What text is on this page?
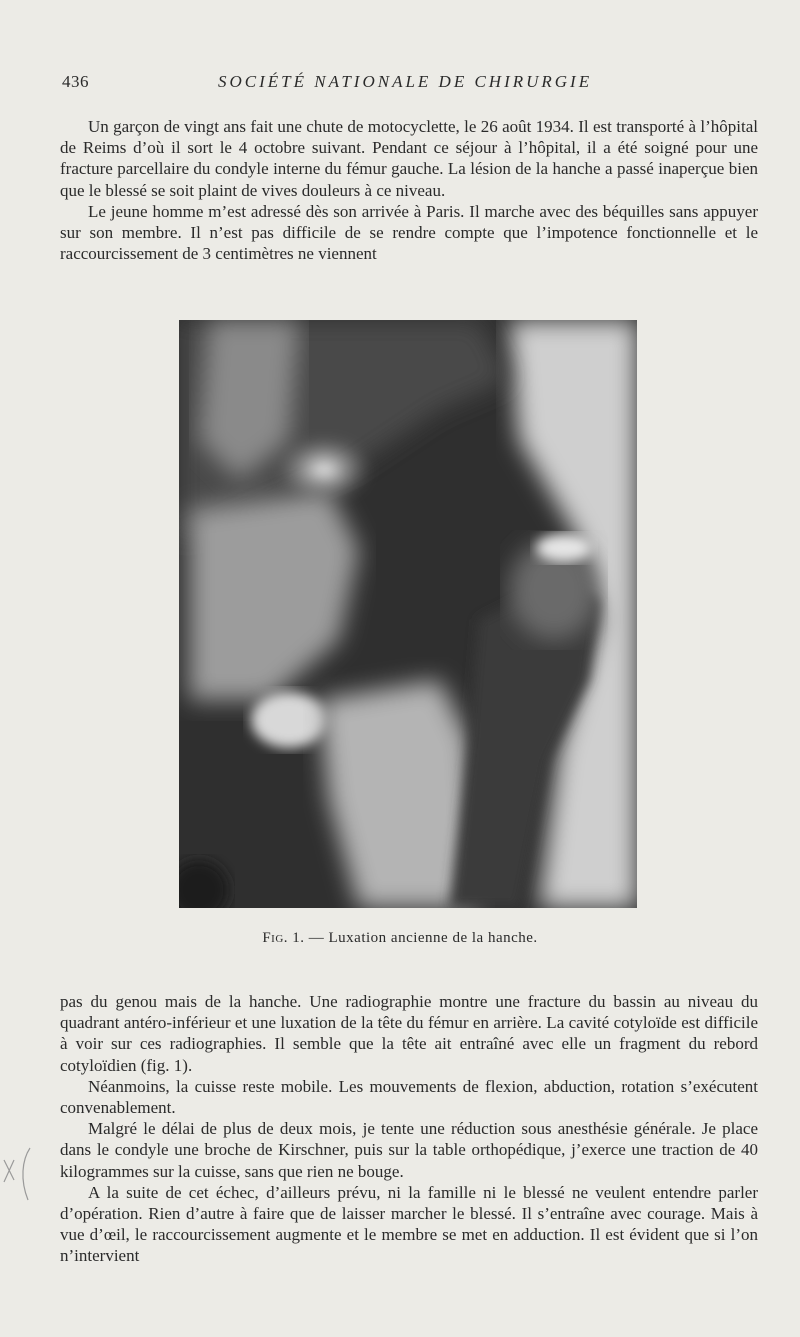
436	SOCIÉTÉ NATIONALE DE CHIRURGIE

Un garçon de vingt ans fait une chute de motocyclette, le 26 août 1934. Il est transporté à l’hôpital de Reims d’où il sort le 4 octobre suivant. Pendant ce séjour à l’hôpital, il a été soigné pour une fracture parcellaire du condyle interne du fémur gauche. La lésion de la hanche a passé inaperçue bien que le blessé se soit plaint de vives douleurs à ce niveau.

Le jeune homme m’est adressé dès son arrivée à Paris. Il marche avec des béquilles sans appuyer sur son membre. Il n’est pas difficile de se rendre compte que l’impotence fonctionnelle et le raccourcissement de 3 centimètres ne viennent

Fig. 1. — Luxation ancienne de la hanche.

pas du genou mais de la hanche. Une radiographie montre une fracture du bassin au niveau du quadrant antéro-inférieur et une luxation de la tête du fémur en arrière. La cavité cotyloïde est difficile à voir sur ces radiographies. Il semble que la tête ait entraîné avec elle un fragment du rebord cotyloïdien (fig. 1).

Néanmoins, la cuisse reste mobile. Les mouvements de flexion, abduction, rotation s’exécutent convenablement.

Malgré le délai de plus de deux mois, je tente une réduction sous anesthésie générale. Je place dans le condyle une broche de Kirschner, puis sur la table orthopédique, j’exerce une traction de 40 kilogrammes sur la cuisse, sans que rien ne bouge.

A la suite de cet échec, d’ailleurs prévu, ni la famille ni le blessé ne veulent entendre parler d’opération. Rien d’autre à faire que de laisser marcher le blessé. Il s’entraîne avec courage. Mais à vue d’œil, le raccourcissement augmente et le membre se met en adduction. Il est évident que si l’on n’intervient
